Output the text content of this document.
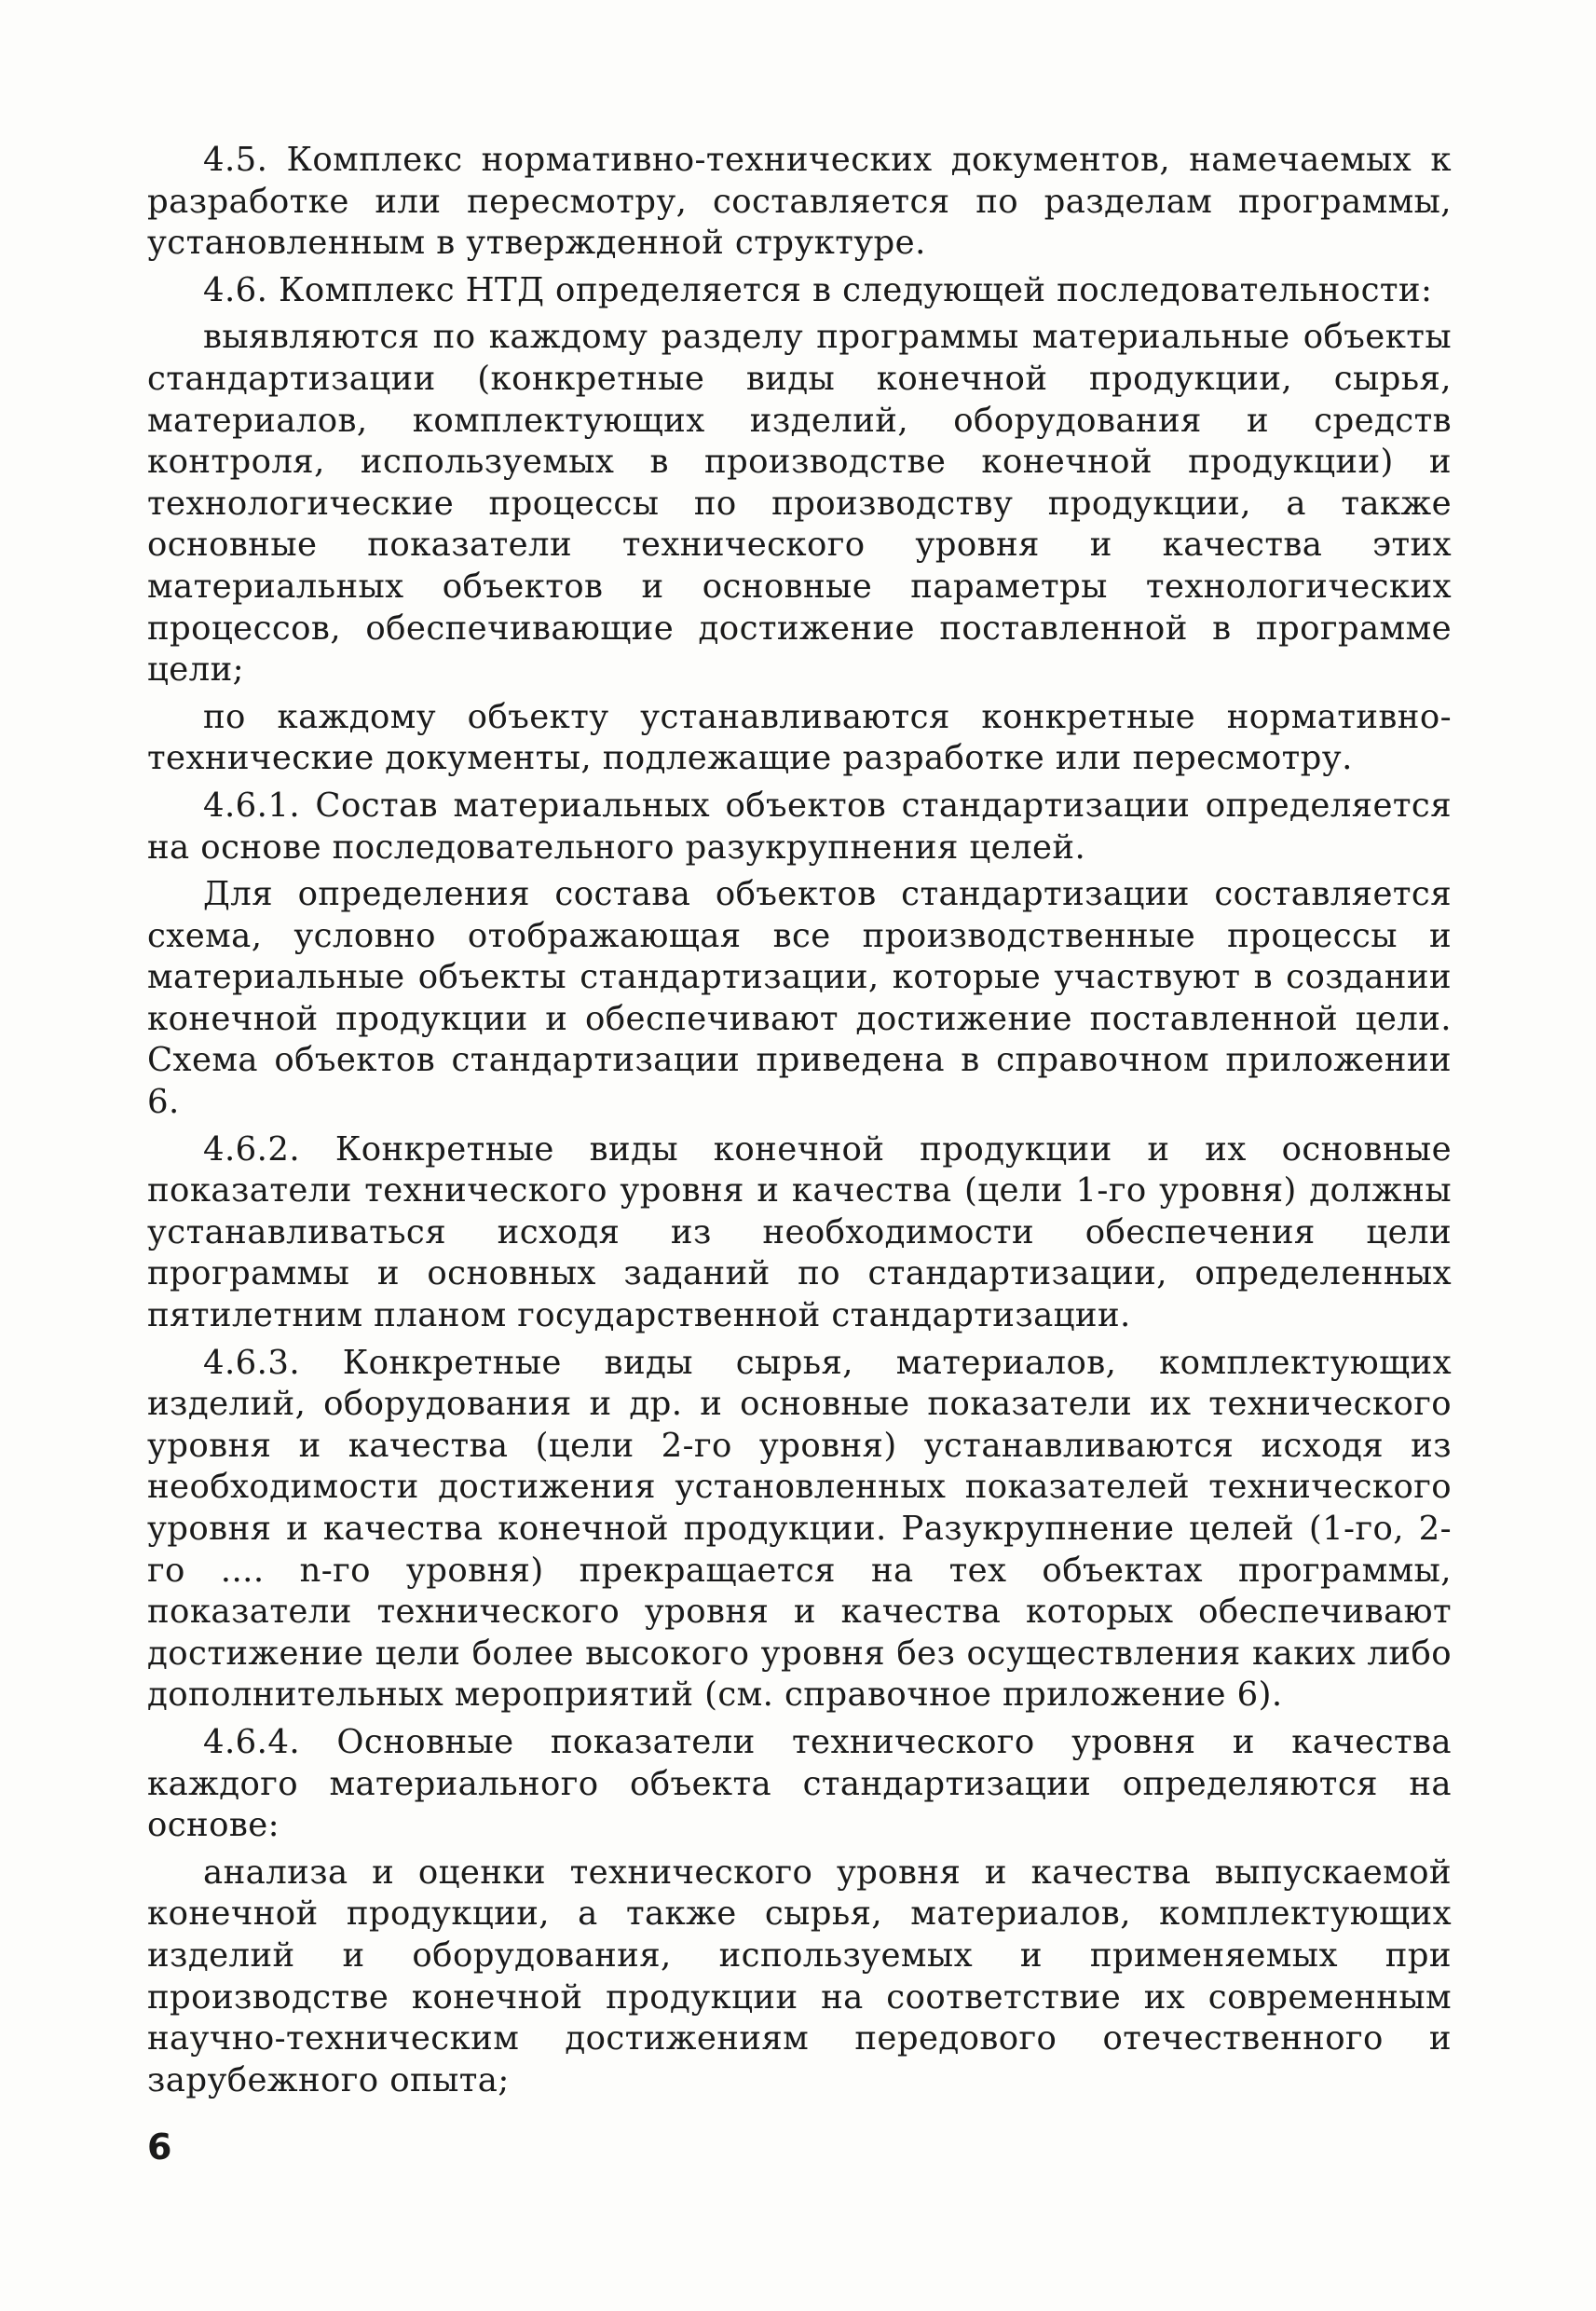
4.5. Комплекс нормативно-технических документов, намечаемых к разработке или пересмотру, составляется по разделам программы, установленным в утвержденной структуре.

4.6. Комплекс НТД определяется в следующей последовательности:

выявляются по каждому разделу программы материальные объекты стандартизации (конкретные виды конечной продукции, сырья, материалов, комплектующих изделий, оборудования и средств контроля, используемых в производстве конечной продукции) и технологические процессы по производству продукции, а также основные показатели технического уровня и качества этих материальных объектов и основные параметры технологических процессов, обеспечивающие достижение поставленной в программе цели;

по каждому объекту устанавливаются конкретные нормативно-технические документы, подлежащие разработке или пересмотру.

4.6.1. Состав материальных объектов стандартизации определяется на основе последовательного разукрупнения целей.

Для определения состава объектов стандартизации составляется схема, условно отображающая все производственные процессы и материальные объекты стандартизации, которые участвуют в создании конечной продукции и обеспечивают достижение поставленной цели. Схема объектов стандартизации приведена в справочном приложении 6.

4.6.2. Конкретные виды конечной продукции и их основные показатели технического уровня и качества (цели 1-го уровня) должны устанавливаться исходя из необходимости обеспечения цели программы и основных заданий по стандартизации, определенных пятилетним планом государственной стандартизации.

4.6.3. Конкретные виды сырья, материалов, комплектующих изделий, оборудования и др. и основные показатели их технического уровня и качества (цели 2-го уровня) устанавливаются исходя из необходимости достижения установленных показателей технического уровня и качества конечной продукции. Разукрупнение целей (1-го, 2-го .... n-го уровня) прекращается на тех объектах программы, показатели технического уровня и качества которых обеспечивают достижение цели более высокого уровня без осуществления каких либо дополнительных мероприятий (см. справочное приложение 6).

4.6.4. Основные показатели технического уровня и качества каждого материального объекта стандартизации определяются на основе:

анализа и оценки технического уровня и качества выпускаемой конечной продукции, а также сырья, материалов, комплектующих изделий и оборудования, используемых и применяемых при производстве конечной продукции на соответствие их современным научно-техническим достижениям передового отечественного и зарубежного опыта;

6
